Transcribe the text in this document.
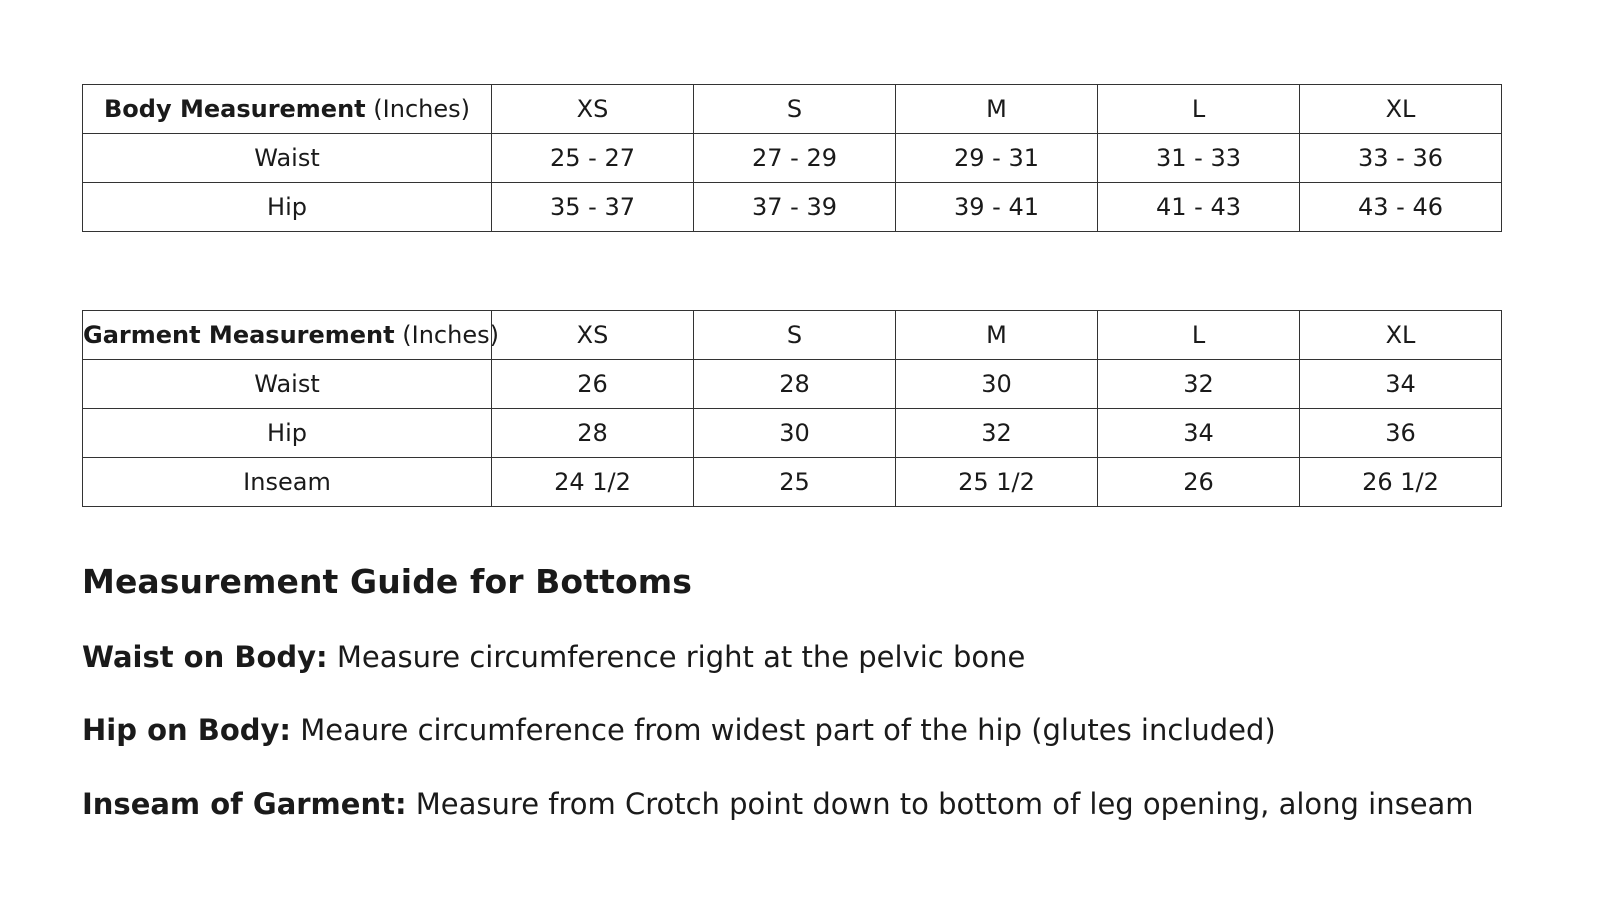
Body Measurement (Inches)	XS	S	M	L	XL
Waist	25 - 27	27 - 29	29 - 31	31 - 33	33 - 36
Hip	35 - 37	37 - 39	39 - 41	41 - 43	43 - 46
Garment Measurement (Inches)	XS	S	M	L	XL
Waist	26	28	30	32	34
Hip	28	30	32	34	36
Inseam	24 1/2	25	25 1/2	26	26 1/2
Measurement Guide for Bottoms

Waist on Body: Measure circumference right at the pelvic bone

Hip on Body: Meaure circumference from widest part of the hip (glutes included)

Inseam of Garment: Measure from Crotch point down to bottom of leg opening, along inseam
